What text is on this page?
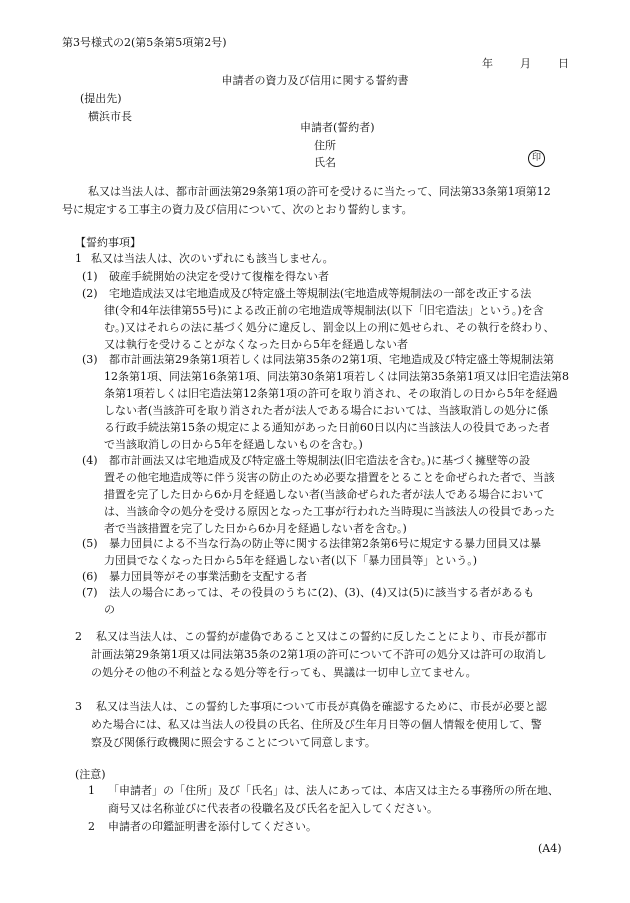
第3号様式の2(第5条第5項第2号)
年 月 日
申請者の資力及び信用に関する誓約書
(提出先)
横浜市長
申請者(誓約者)
住所
氏名	印
私又は当法人は、都市計画法第29条第1項の許可を受けるに当たって、同法第33条第1項第12
号に規定する工事主の資力及び信用について、次のとおり誓約します。
【誓約事項】
1 私又は当法人は、次のいずれにも該当しません。
(1)	破産手続開始の決定を受けて復権を得ない者
(2)	宅地造成法又は宅地造成及び特定盛土等規制法(宅地造成等規制法の一部を改正する法
律(令和4年法律第55号)による改正前の宅地造成等規制法(以下「旧宅造法」という。)を含
む。)又はそれらの法に基づく処分に違反し、罰金以上の刑に処せられ、その執行を終わり、
又は執行を受けることがなくなった日から5年を経過しない者
(3)	都市計画法第29条第1項若しくは同法第35条の2第1項、宅地造成及び特定盛土等規制法第
12条第1項、同法第16条第1項、同法第30条第1項若しくは同法第35条第1項又は旧宅造法第8
条第1項若しくは旧宅造法第12条第1項の許可を取り消され、その取消しの日から5年を経過
しない者(当該許可を取り消された者が法人である場合においては、当該取消しの処分に係
る行政手続法第15条の規定による通知があった日前60日以内に当該法人の役員であった者
で当該取消しの日から5年を経過しないものを含む。)
(4)	都市計画法又は宅地造成及び特定盛土等規制法(旧宅造法を含む。)に基づく擁壁等の設
置その他宅地造成等に伴う災害の防止のため必要な措置をとることを命ぜられた者で、当該
措置を完了した日から6か月を経過しない者(当該命ぜられた者が法人である場合において
は、当該命令の処分を受ける原因となった工事が行われた当時現に当該法人の役員であった
者で当該措置を完了した日から6か月を経過しない者を含む。)
(5)	暴力団員による不当な行為の防止等に関する法律第2条第6号に規定する暴力団員又は暴
力団員でなくなった日から5年を経過しない者(以下「暴力団員等」という。)
(6)	暴力団員等がその事業活動を支配する者
(7)	法人の場合にあっては、その役員のうちに(2)、(3)、(4)又は(5)に該当する者があるも
の
2	私又は当法人は、この誓約が虚偽であること又はこの誓約に反したことにより、市長が都市
計画法第29条第1項又は同法第35条の2第1項の許可について不許可の処分又は許可の取消し
の処分その他の不利益となる処分等を行っても、異議は一切申し立てません。
3	私又は当法人は、この誓約した事項について市長が真偽を確認するために、市長が必要と認
めた場合には、私又は当法人の役員の氏名、住所及び生年月日等の個人情報を使用して、警
察及び関係行政機関に照会することについて同意します。
(注意)
1 「申請者」の「住所」及び「氏名」は、法人にあっては、本店又は主たる事務所の所在地、
商号又は名称並びに代表者の役職名及び氏名を記入してください。
2 申請者の印鑑証明書を添付してください。
(A4)
